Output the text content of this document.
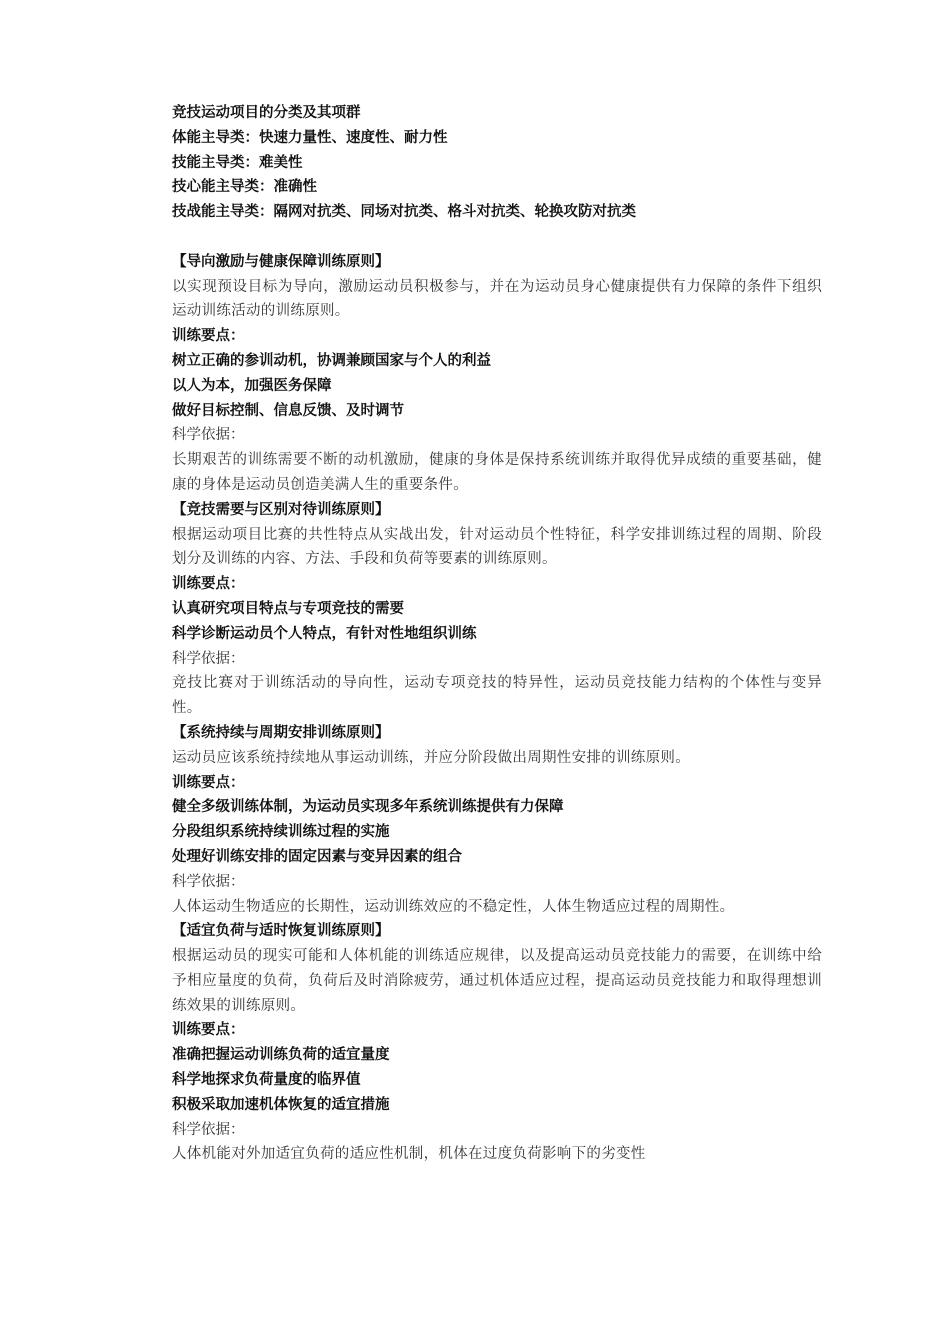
竞技运动项目的分类及其项群
体能主导类：快速力量性、速度性、耐力性
技能主导类：难美性
技心能主导类：准确性
技战能主导类：隔网对抗类、同场对抗类、格斗对抗类、轮换攻防对抗类
【导向激励与健康保障训练原则】
以实现预设目标为导向，激励运动员积极参与，并在为运动员身心健康提供有力保障的条件下组织运动训练活动的训练原则。
训练要点：
树立正确的参训动机，协调兼顾国家与个人的利益
以人为本，加强医务保障
做好目标控制、信息反馈、及时调节
科学依据：
长期艰苦的训练需要不断的动机激励，健康的身体是保持系统训练并取得优异成绩的重要基础，健康的身体是运动员创造美满人生的重要条件。
【竞技需要与区别对待训练原则】
根据运动项目比赛的共性特点从实战出发，针对运动员个性特征，科学安排训练过程的周期、阶段划分及训练的内容、方法、手段和负荷等要素的训练原则。
训练要点：
认真研究项目特点与专项竞技的需要
科学诊断运动员个人特点，有针对性地组织训练
科学依据：
竞技比赛对于训练活动的导向性，运动专项竞技的特异性，运动员竞技能力结构的个体性与变异性。
【系统持续与周期安排训练原则】
运动员应该系统持续地从事运动训练，并应分阶段做出周期性安排的训练原则。
训练要点：
健全多级训练体制，为运动员实现多年系统训练提供有力保障
分段组织系统持续训练过程的实施
处理好训练安排的固定因素与变异因素的组合
科学依据：
人体运动生物适应的长期性，运动训练效应的不稳定性，人体生物适应过程的周期性。
【适宜负荷与适时恢复训练原则】
根据运动员的现实可能和人体机能的训练适应规律，以及提高运动员竞技能力的需要，在训练中给予相应量度的负荷，负荷后及时消除疲劳，通过机体适应过程，提高运动员竞技能力和取得理想训练效果的训练原则。
训练要点：
准确把握运动训练负荷的适宜量度
科学地探求负荷量度的临界值
积极采取加速机体恢复的适宜措施
科学依据：
人体机能对外加适宜负荷的适应性机制，机体在过度负荷影响下的劣变性
